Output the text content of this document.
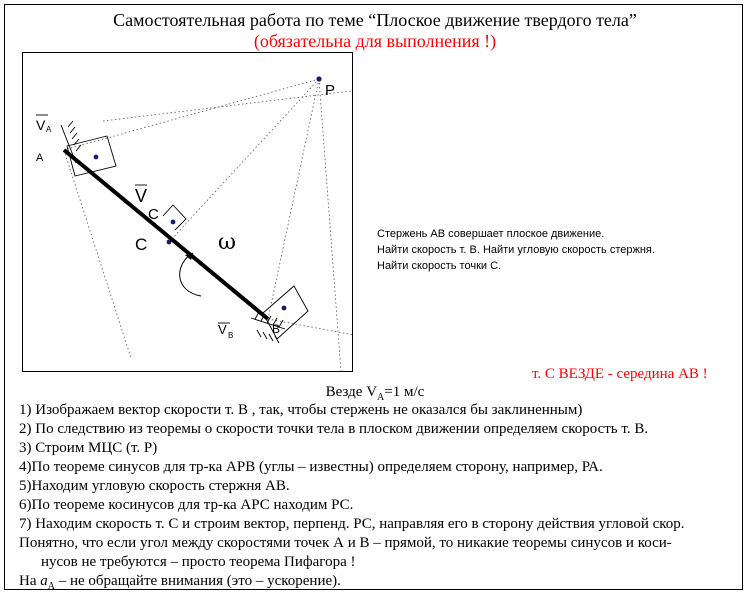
Самостоятельная работа по теме “Плоское движение твердого тела”
(обязательна для выполнения !)
P
V A
A
V
C
C	ω
V B	B
Стержень АВ совершает плоское движение.
Найти скорость т. В. Найти угловую скорость стержня.
Найти скорость точки С.
т. С ВЕЗДЕ - середина АВ !
Везде $V_A=1$ м/с
1) Изображаем вектор скорости т. В , так, чтобы стержень не оказался бы заклиненным)
2) По следствию из теоремы о скорости точки тела в плоском движении определяем скорость т. В.
3) Строим МЦС (т. Р)
4)По теореме синусов для тр-ка АРВ (углы – известны) определяем сторону, например, РА.
5)Находим угловую скорость стержня АВ.
6)По теореме косинусов для тр-ка АРС находим РС.
7) Находим скорость т. С и строим вектор, перпенд. РС, направляя его в сторону действия угловой скор.
Понятно, что если угол между скоростями точек А и В – прямой, то никакие теоремы синусов и коси-
нусов не требуются – просто теорема Пифагора !
На $a_A$ – не обращайте внимания (это – ускорение).
